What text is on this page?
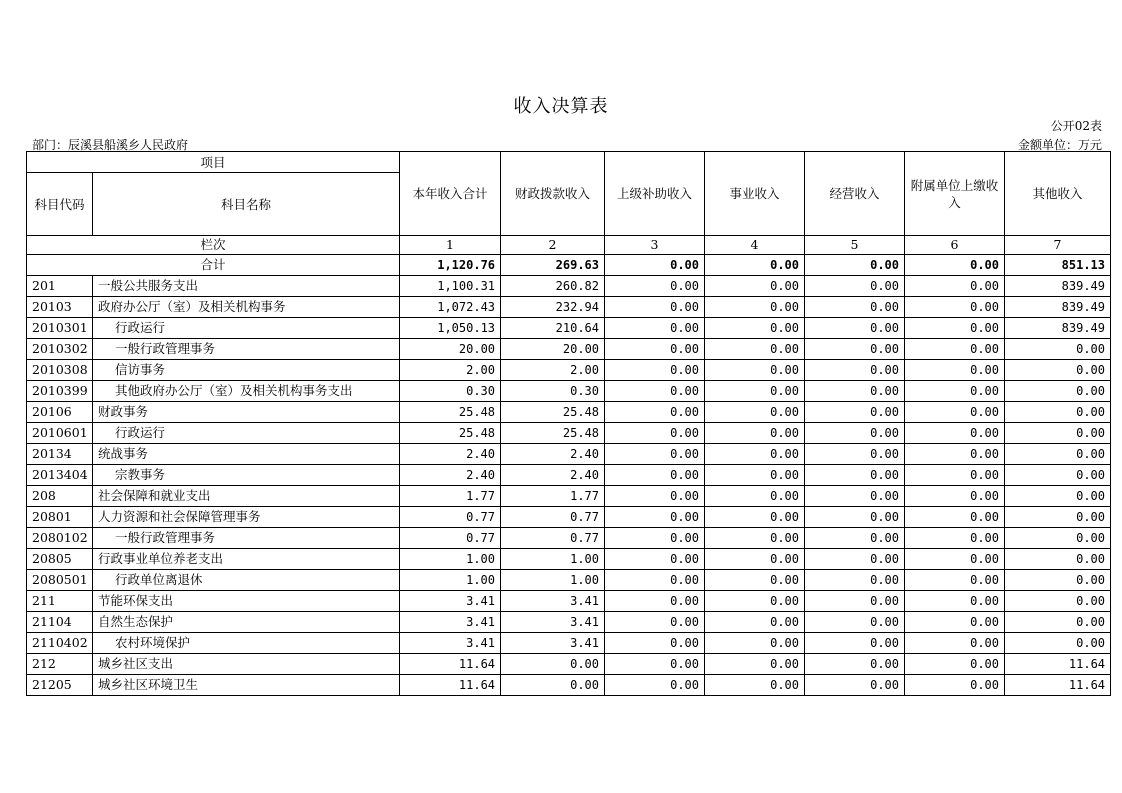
收入决算表
公开02表
部门：辰溪县船溪乡人民政府	金额单位：万元
项目		本年收入合计	财政拨款收入	上级补助收入	事业收入	经营收入	附属单位上缴收入	其他收入
科目代码	科目名称							
栏次		1	2	3	4	5	6	7
合计		1,120.76	269.63	0.00	0.00	0.00	0.00	851.13
201	一般公共服务支出	1,100.31	260.82	0.00	0.00	0.00	0.00	839.49
20103	政府办公厅（室）及相关机构事务	1,072.43	232.94	0.00	0.00	0.00	0.00	839.49
2010301	行政运行	1,050.13	210.64	0.00	0.00	0.00	0.00	839.49
2010302	一般行政管理事务	20.00	20.00	0.00	0.00	0.00	0.00	0.00
2010308	信访事务	2.00	2.00	0.00	0.00	0.00	0.00	0.00
2010399	其他政府办公厅（室）及相关机构事务支出	0.30	0.30	0.00	0.00	0.00	0.00	0.00
20106	财政事务	25.48	25.48	0.00	0.00	0.00	0.00	0.00
2010601	行政运行	25.48	25.48	0.00	0.00	0.00	0.00	0.00
20134	统战事务	2.40	2.40	0.00	0.00	0.00	0.00	0.00
2013404	宗教事务	2.40	2.40	0.00	0.00	0.00	0.00	0.00
208	社会保障和就业支出	1.77	1.77	0.00	0.00	0.00	0.00	0.00
20801	人力资源和社会保障管理事务	0.77	0.77	0.00	0.00	0.00	0.00	0.00
2080102	一般行政管理事务	0.77	0.77	0.00	0.00	0.00	0.00	0.00
20805	行政事业单位养老支出	1.00	1.00	0.00	0.00	0.00	0.00	0.00
2080501	行政单位离退休	1.00	1.00	0.00	0.00	0.00	0.00	0.00
211	节能环保支出	3.41	3.41	0.00	0.00	0.00	0.00	0.00
21104	自然生态保护	3.41	3.41	0.00	0.00	0.00	0.00	0.00
2110402	农村环境保护	3.41	3.41	0.00	0.00	0.00	0.00	0.00
212	城乡社区支出	11.64	0.00	0.00	0.00	0.00	0.00	11.64
21205	城乡社区环境卫生	11.64	0.00	0.00	0.00	0.00	0.00	11.64
